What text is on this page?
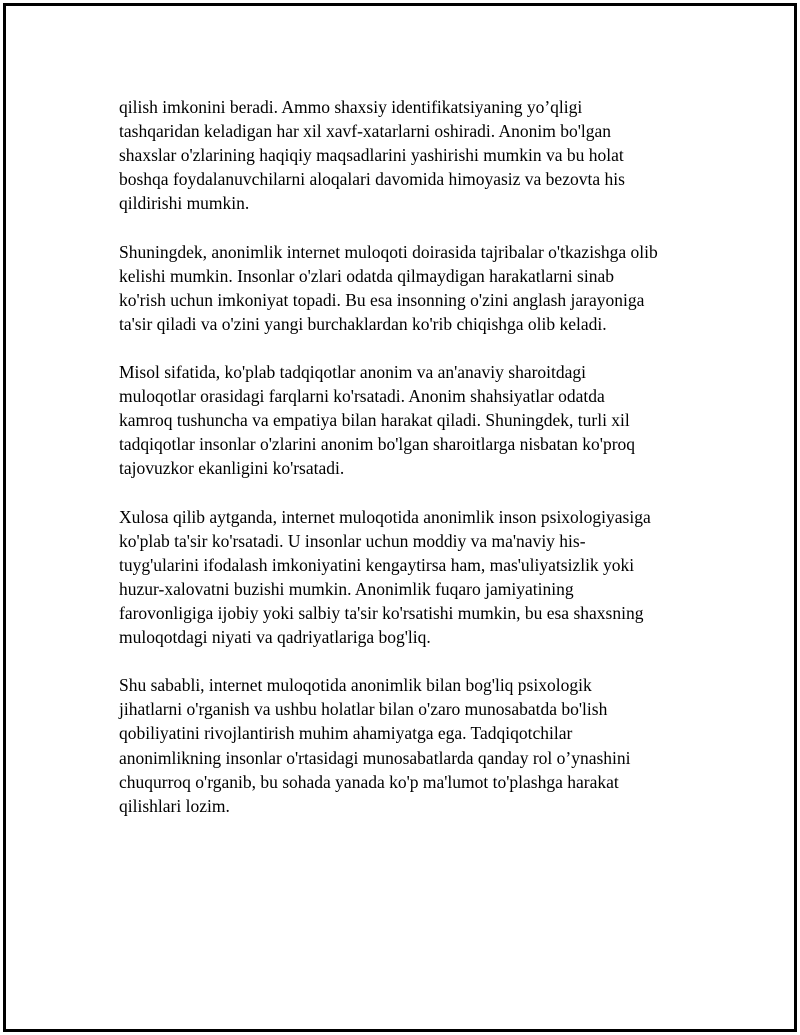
qilish imkonini beradi. Ammo shaxsiy identifikatsiyaning yo’qligi
tashqaridan keladigan har xil xavf-xatarlarni oshiradi. Anonim bo'lgan
shaxslar o'zlarining haqiqiy maqsadlarini yashirishi mumkin va bu holat
boshqa foydalanuvchilarni aloqalari davomida himoyasiz va bezovta his
qildirishi mumkin.

Shuningdek, anonimlik internet muloqoti doirasida tajribalar o'tkazishga olib
kelishi mumkin. Insonlar o'zlari odatda qilmaydigan harakatlarni sinab
ko'rish uchun imkoniyat topadi. Bu esa insonning o'zini anglash jarayoniga
ta'sir qiladi va o'zini yangi burchaklardan ko'rib chiqishga olib keladi.

Misol sifatida, ko'plab tadqiqotlar anonim va an'anaviy sharoitdagi
muloqotlar orasidagi farqlarni ko'rsatadi. Anonim shahsiyatlar odatda
kamroq tushuncha va empatiya bilan harakat qiladi. Shuningdek, turli xil
tadqiqotlar insonlar o'zlarini anonim bo'lgan sharoitlarga nisbatan ko'proq
tajovuzkor ekanligini ko'rsatadi.

Xulosa qilib aytganda, internet muloqotida anonimlik inson psixologiyasiga
ko'plab ta'sir ko'rsatadi. U insonlar uchun moddiy va ma'naviy his-
tuyg'ularini ifodalash imkoniyatini kengaytirsa ham, mas'uliyatsizlik yoki
huzur-xalovatni buzishi mumkin. Anonimlik fuqaro jamiyatining
farovonligiga ijobiy yoki salbiy ta'sir ko'rsatishi mumkin, bu esa shaxsning
muloqotdagi niyati va qadriyatlariga bog'liq.

Shu sababli, internet muloqotida anonimlik bilan bog'liq psixologik
jihatlarni o'rganish va ushbu holatlar bilan o'zaro munosabatda bo'lish
qobiliyatini rivojlantirish muhim ahamiyatga ega. Tadqiqotchilar
anonimlikning insonlar o'rtasidagi munosabatlarda qanday rol o’ynashini
chuqurroq o'rganib, bu sohada yanada ko'p ma'lumot to'plashga harakat
qilishlari lozim.
